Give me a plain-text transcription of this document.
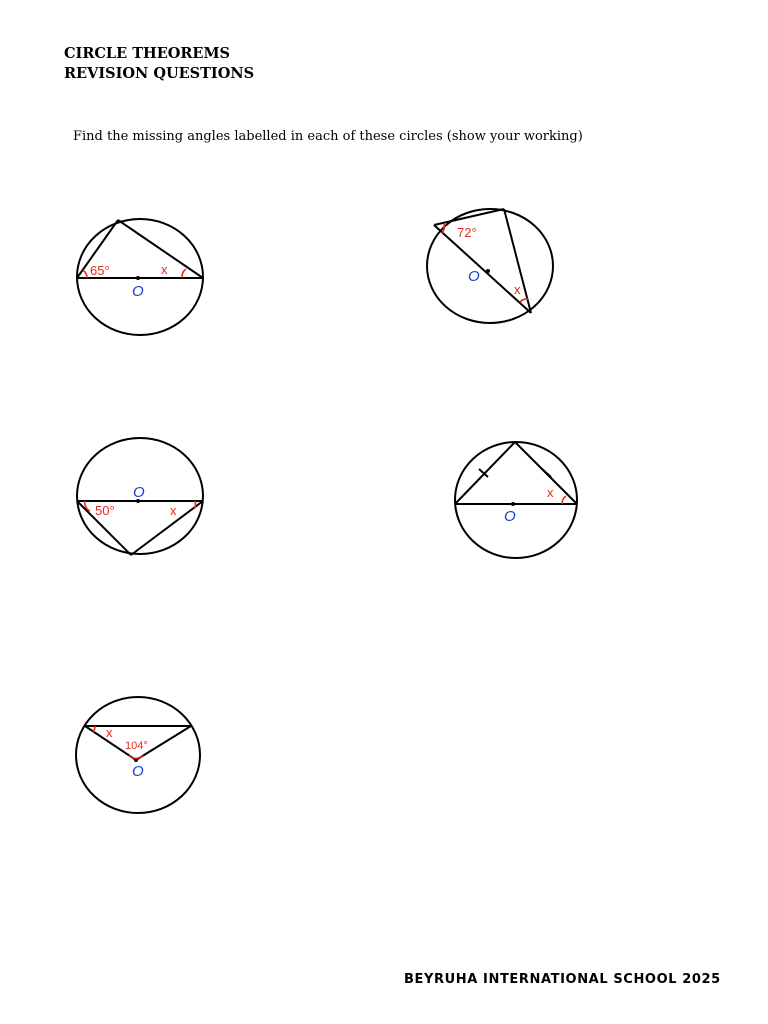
CIRCLE THEOREMS
REVISION QUESTIONS
Find the missing angles labelled in each of these circles (show your working)
65°	x
O
72°
x
O
50°	x
O	x
O
x
104°
O
BEYRUHA INTERNATIONAL SCHOOL 2025
